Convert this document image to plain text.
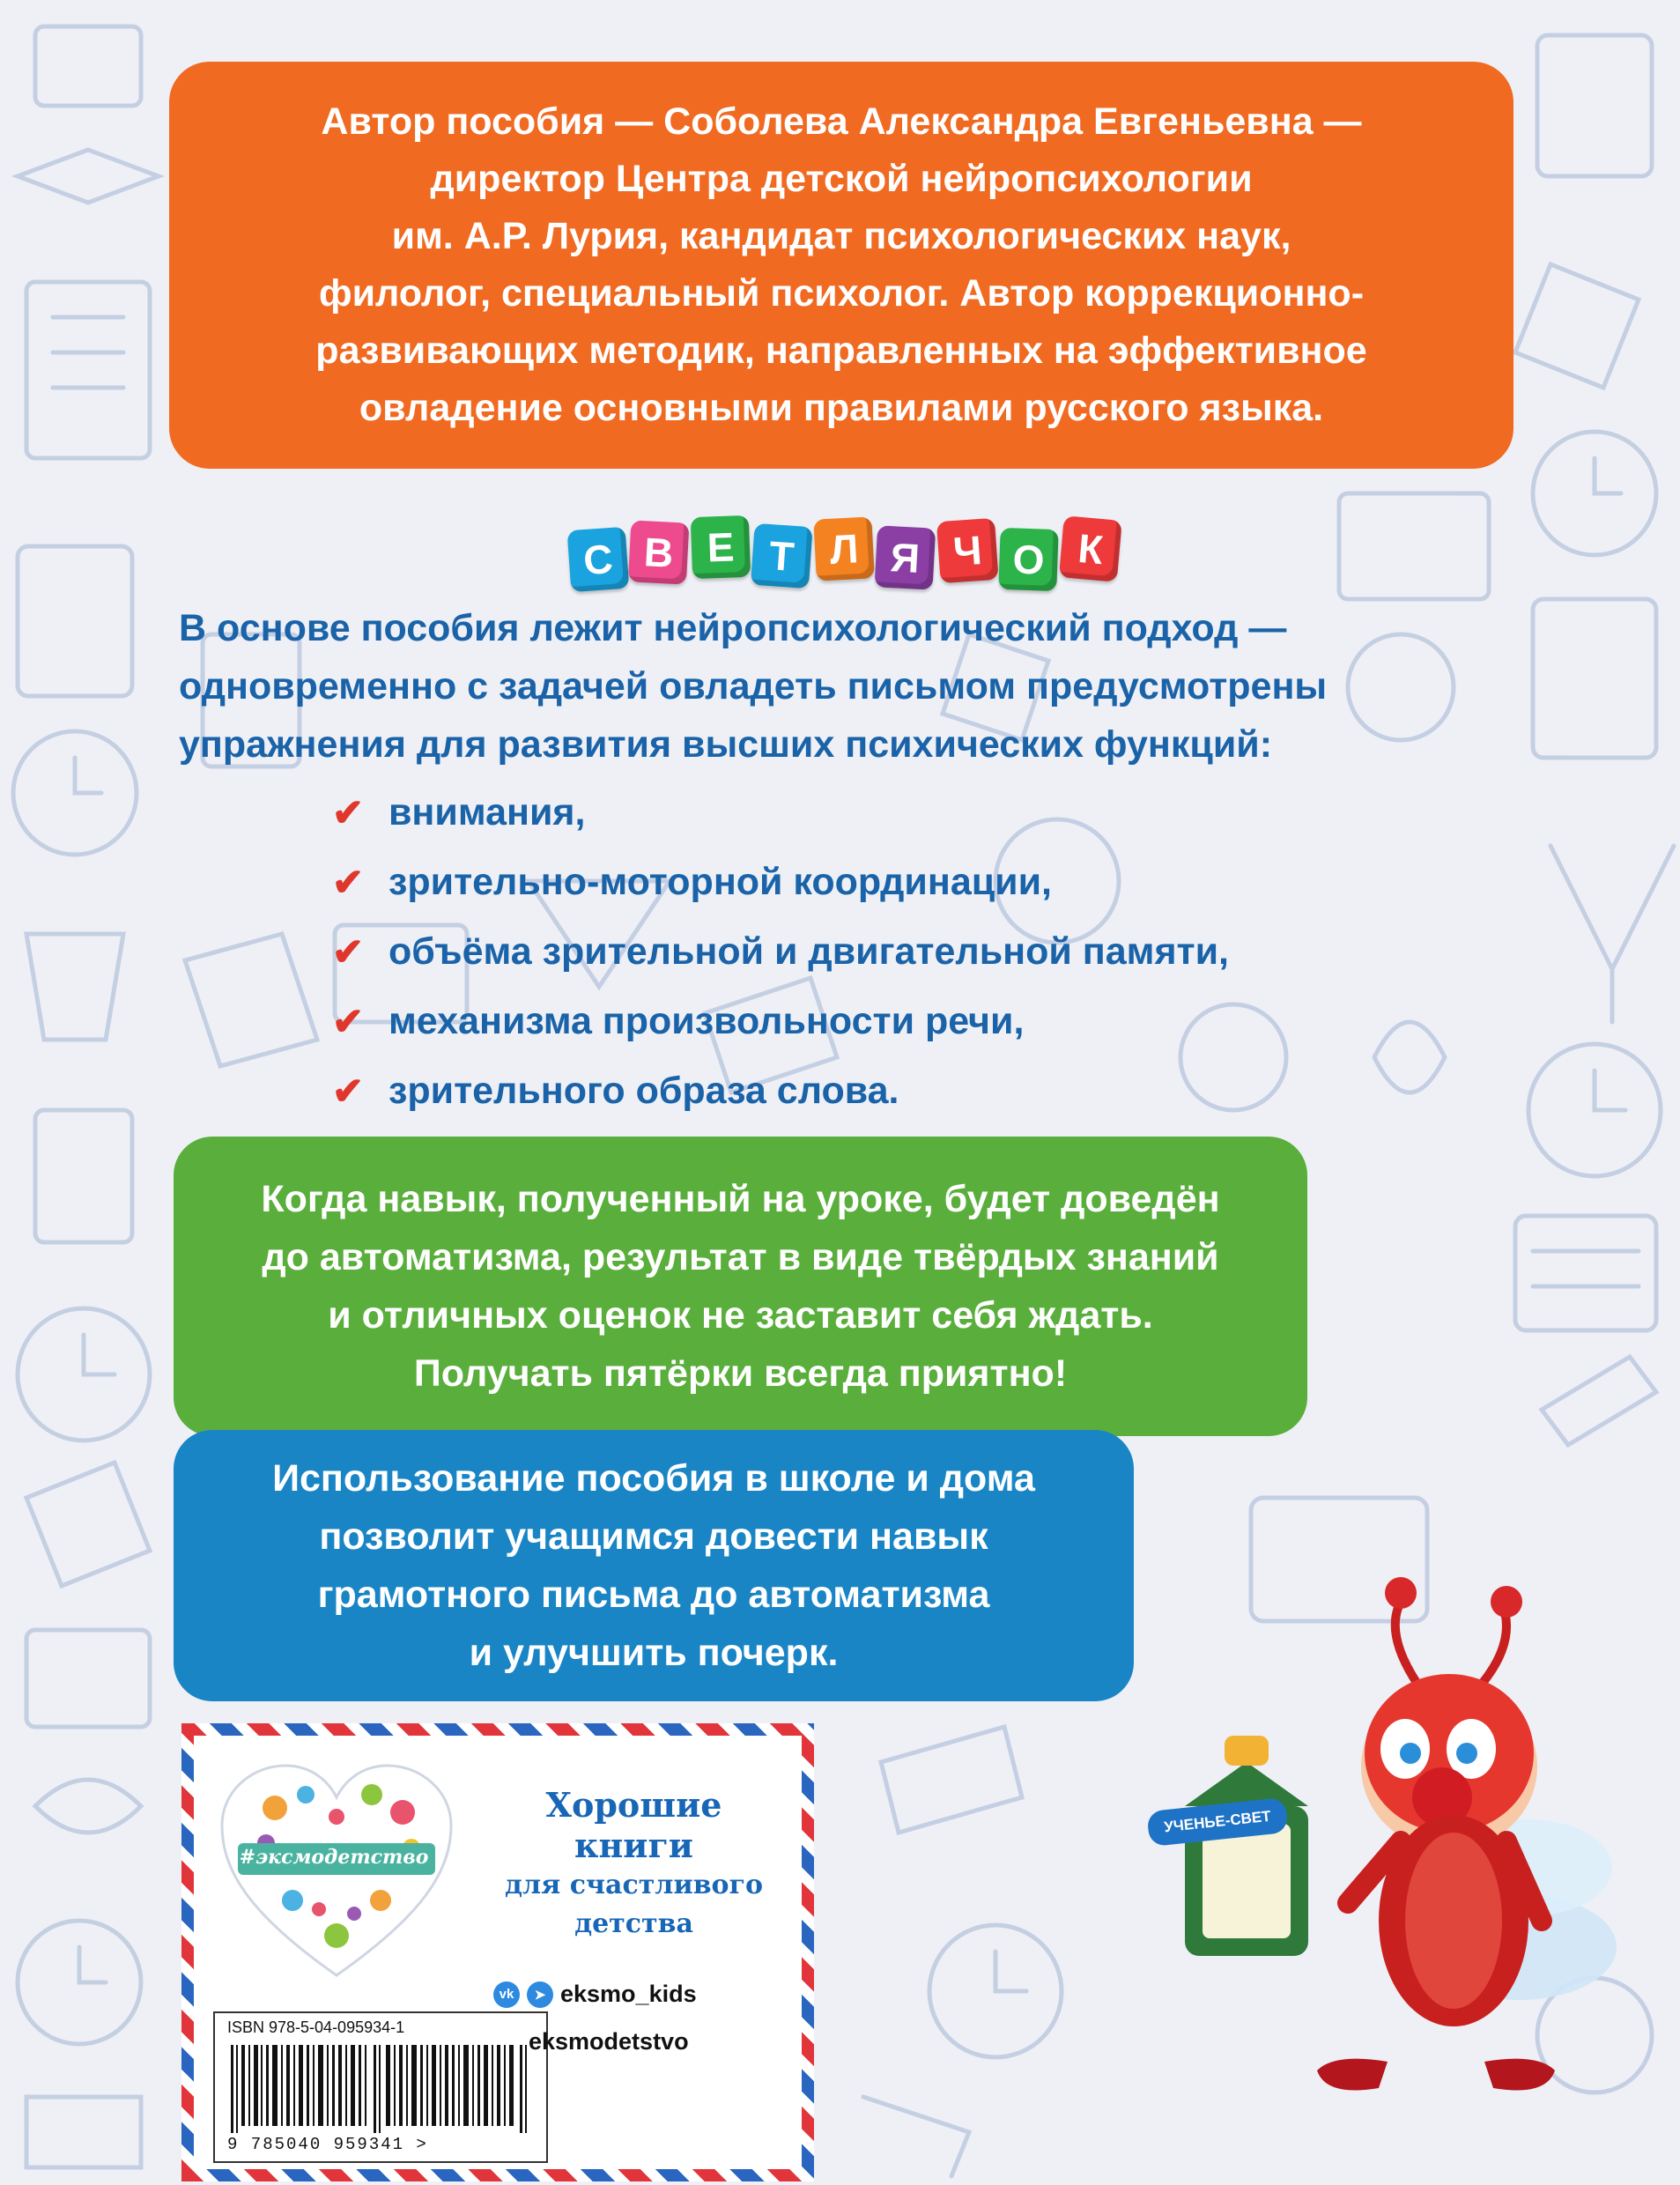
Автор пособия — Соболева Александра Евгеньевна —
директор Центра детской нейропсихологии
им. А.Р. Лурия, кандидат психологических наук,
филолог, специальный психолог. Автор коррекционно-
развивающих методик, направленных на эффективное
овладение основными правилами русского языка.
С В Е Т Л Я Ч О К
В основе пособия лежит нейропсихологический подход —
одновременно с задачей овладеть письмом предусмотрены
упражнения для развития высших психических функций:
✔ внимания,
✔ зрительно-моторной координации,
✔ объёма зрительной и двигательной памяти,
✔ механизма произвольности речи,
✔ зрительного образа слова.
Когда навык, полученный на уроке, будет доведён
до автоматизма, результат в виде твёрдых знаний
и отличных оценок не заставит себя ждать.
Получать пятёрки всегда приятно!
Использование пособия в школе и дома
позволит учащимся довести навык
грамотного письма до автоматизма
и улучшить почерк.
#эксмодетство
Хорошие
книги
для счастливого
детства
ISBN 978-5-04-095934-1
9 785040 959341 >
vk	➤ eksmo_kids
eksmodetstvo
УЧЕНЬЕ-СВЕТ
